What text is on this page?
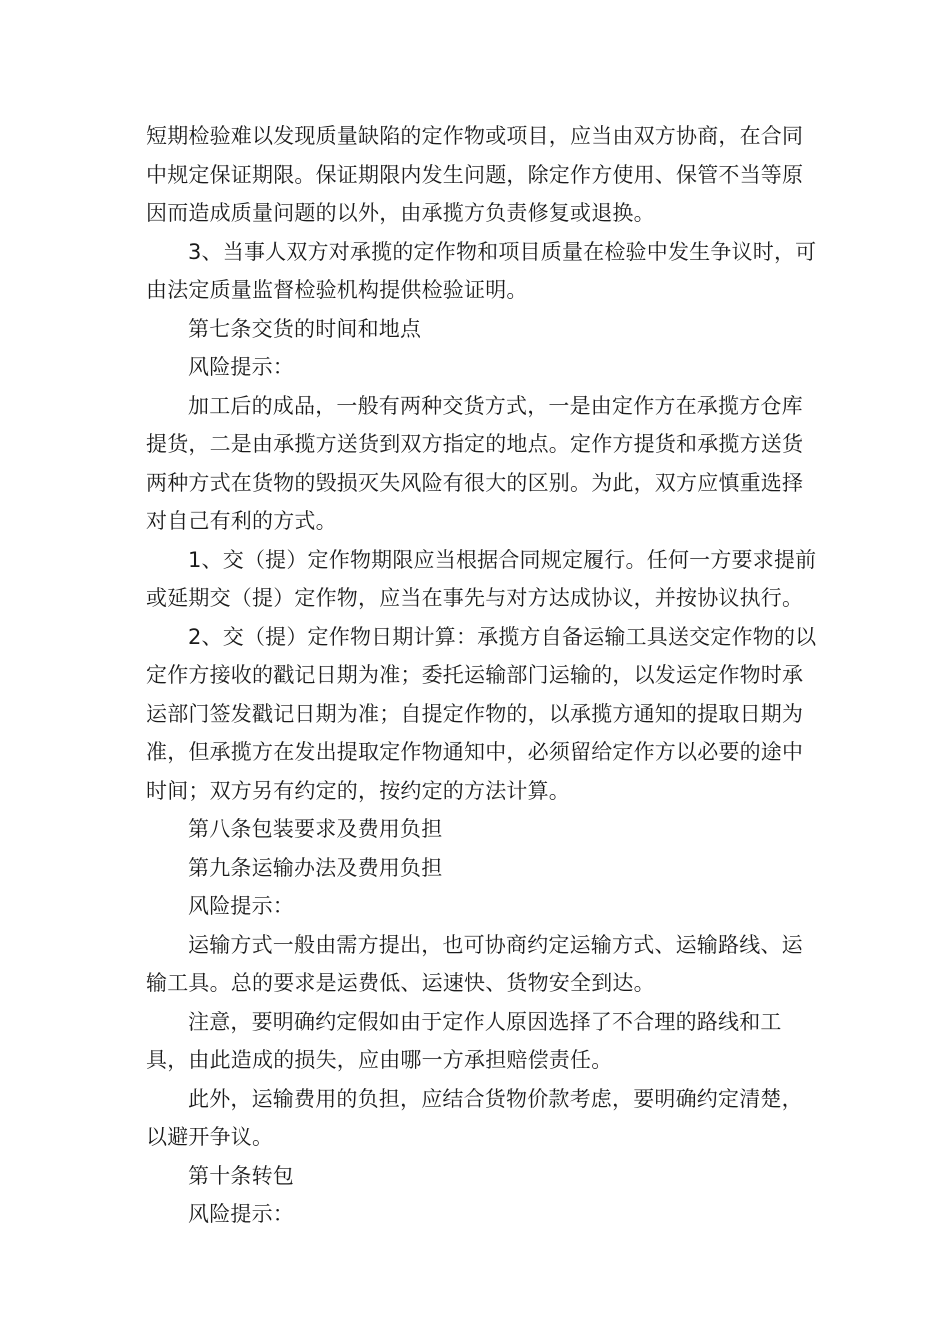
短期检验难以发现质量缺陷的定作物或项目，应当由双方协商，在合同中规定保证期限。保证期限内发生问题，除定作方使用、保管不当等原因而造成质量问题的以外，由承揽方负责修复或退换。

3、当事人双方对承揽的定作物和项目质量在检验中发生争议时，可由法定质量监督检验机构提供检验证明。

第七条交货的时间和地点

风险提示：

加工后的成品，一般有两种交货方式，一是由定作方在承揽方仓库提货，二是由承揽方送货到双方指定的地点。定作方提货和承揽方送货两种方式在货物的毁损灭失风险有很大的区别。为此，双方应慎重选择对自己有利的方式。

1、交（提）定作物期限应当根据合同规定履行。任何一方要求提前或延期交（提）定作物，应当在事先与对方达成协议，并按协议执行。

2、交（提）定作物日期计算：承揽方自备运输工具送交定作物的以定作方接收的戳记日期为准；委托运输部门运输的，以发运定作物时承运部门签发戳记日期为准；自提定作物的，以承揽方通知的提取日期为准，但承揽方在发出提取定作物通知中，必须留给定作方以必要的途中时间；双方另有约定的，按约定的方法计算。

第八条包装要求及费用负担

第九条运输办法及费用负担

风险提示：

运输方式一般由需方提出，也可协商约定运输方式、运输路线、运输工具。总的要求是运费低、运速快、货物安全到达。

注意，要明确约定假如由于定作人原因选择了不合理的路线和工具，由此造成的损失，应由哪一方承担赔偿责任。

此外，运输费用的负担，应结合货物价款考虑，要明确约定清楚，以避开争议。

第十条转包

风险提示：
